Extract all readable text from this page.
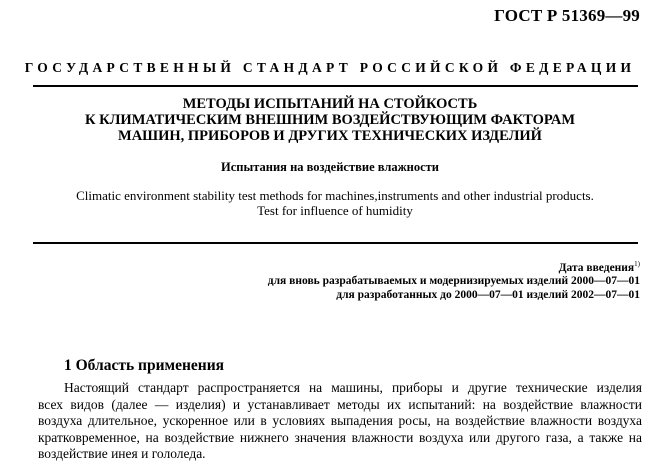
ГОСТ Р 51369—99
ГОСУДАРСТВЕННЫЙ СТАНДАРТ РОССИЙСКОЙ ФЕДЕРАЦИИ
МЕТОДЫ ИСПЫТАНИЙ НА СТОЙКОСТЬ
К КЛИМАТИЧЕСКИМ ВНЕШНИМ ВОЗДЕЙСТВУЮЩИМ ФАКТОРАМ
МАШИН, ПРИБОРОВ И ДРУГИХ ТЕХНИЧЕСКИХ ИЗДЕЛИЙ
Испытания на воздействие влажности
Climatic environment stability test methods for machines,instruments and other industrial products.
Test for influence of humidity
Дата введения$^{1)}$
для вновь разрабатываемых и модернизируемых изделий 2000—07—01
для разработанных до 2000—07—01 изделий 2002—07—01
1 Область применения
Настоящий стандарт распространяется на машины, приборы и другие технические изделия
всех видов (далее — изделия) и устанавливает методы их испытаний: на воздействие влажности
воздуха длительное, ускоренное или в условиях выпадения росы, на воздействие влажности воздуха
кратковременное, на воздействие нижнего значения влажности воздуха или другого газа, а также на
воздействие инея и гололеда.
